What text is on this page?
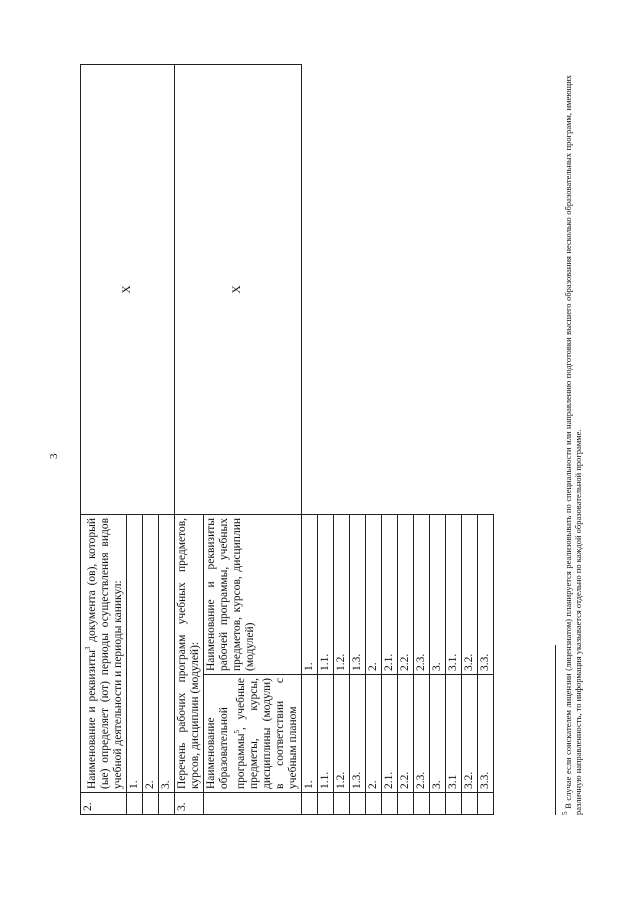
3
2.	Наименование и реквизиты$^3$ документа (ов), который (ые) определяет (ют) периоды осуществления видов учебной деятельности и периоды каникул:		X
	1.		
	2.		
	3.		
3.	Перечень рабочих программ учебных предметов, курсов, дисциплин (модулей):		X
	Наименование образовательной программы$^5$, учебные предметы, курсы, дисциплины (модули) в соответствии с учебным планом	Наименование и реквизиты рабочей программы, учебных предметов, курсов, дисциплин (модулей)	
	1.	1.	
	1.1.	1.1.	
	1.2.	1.2.	
	1.3.	1.3.	
	2.	2.	
	2.1.	2.1.	
	2.2.	2.2.	
	2.3.	2.3.	
	3.	3.	
	3.1	3.1.	
	3.2.	3.2.	
	3.3.	3.3.	
$^5$ В случае если соискателем лицензии (лицензиатом) планируется реализовывать по специальности или направлению подготовки высшего образования несколько образовательных программ, имеющих различную направленность, то информация указывается отдельно по каждой образовательной программе.
